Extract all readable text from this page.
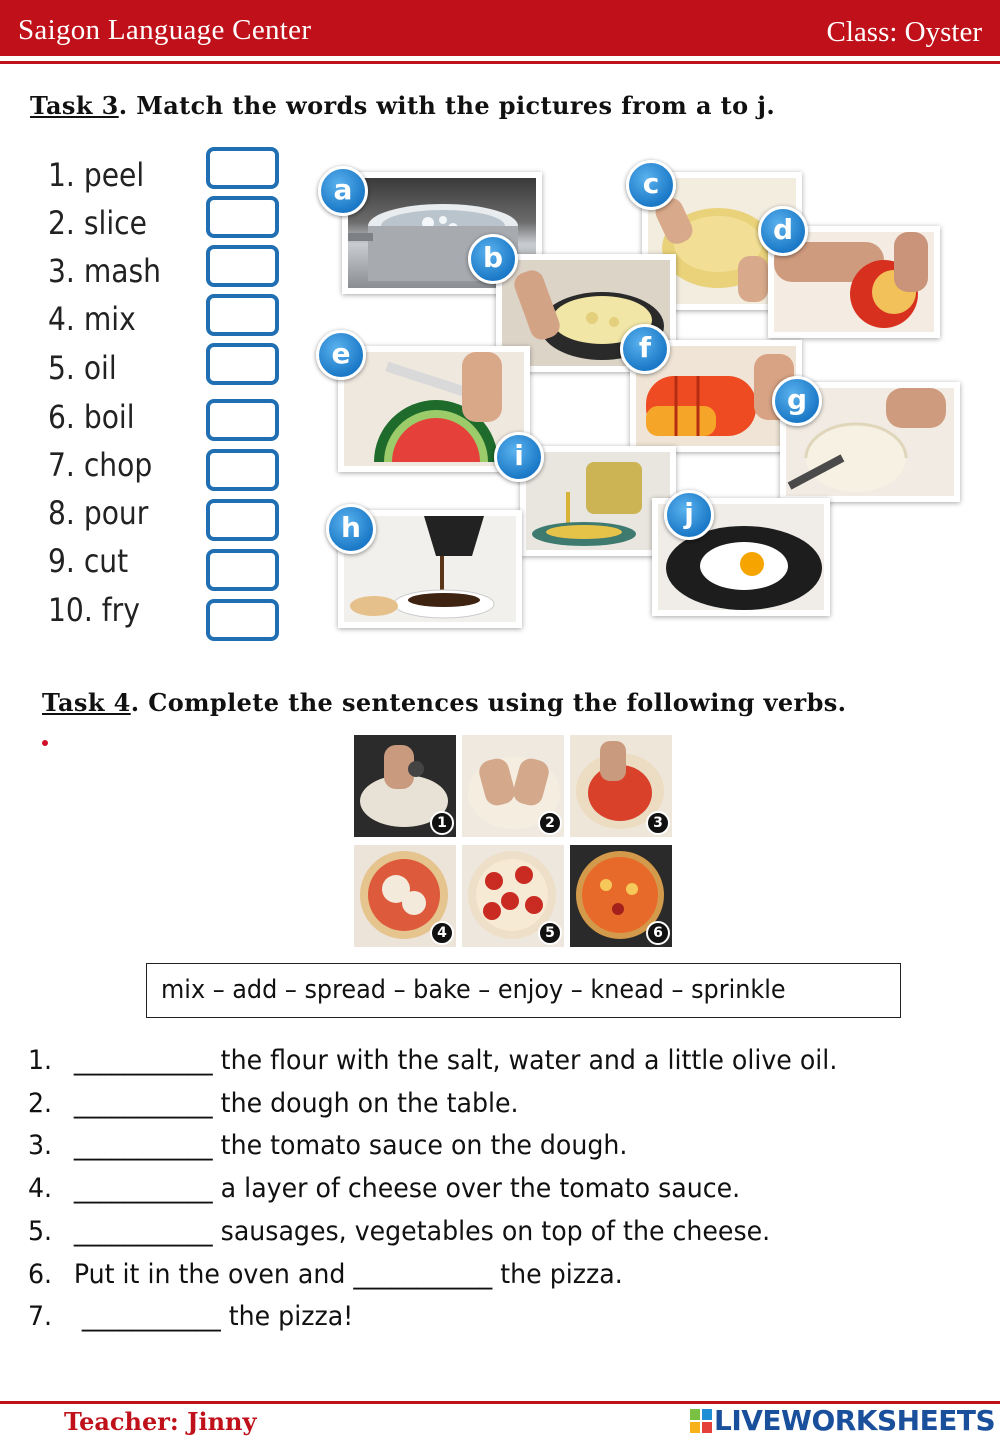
Saigon Language Center	Class: Oyster
Task 3. Match the words with the pictures from a to j.
1. peel
2. slice
3. mash
4. mix
5. oil
6. boil
7. chop
8. pour
9. cut
10. fry
a
b
c
d
e	f
g
h
i
j
Task 4. Complete the sentences using the following verbs.
1	2	3
4	5	6
mix – add – spread – bake – enjoy – knead – sprinkle
1. ___________ the flour with the salt, water and a little olive oil.
2. ___________ the dough on the table.
3. ___________ the tomato sauce on the dough.
4. ___________ a layer of cheese over the tomato sauce.
5. ___________ sausages, vegetables on top of the cheese.
6. Put it in the oven and ___________ the pizza.
7. ___________ the pizza!
Teacher: Jinny	LIVEWORKSHEETS
